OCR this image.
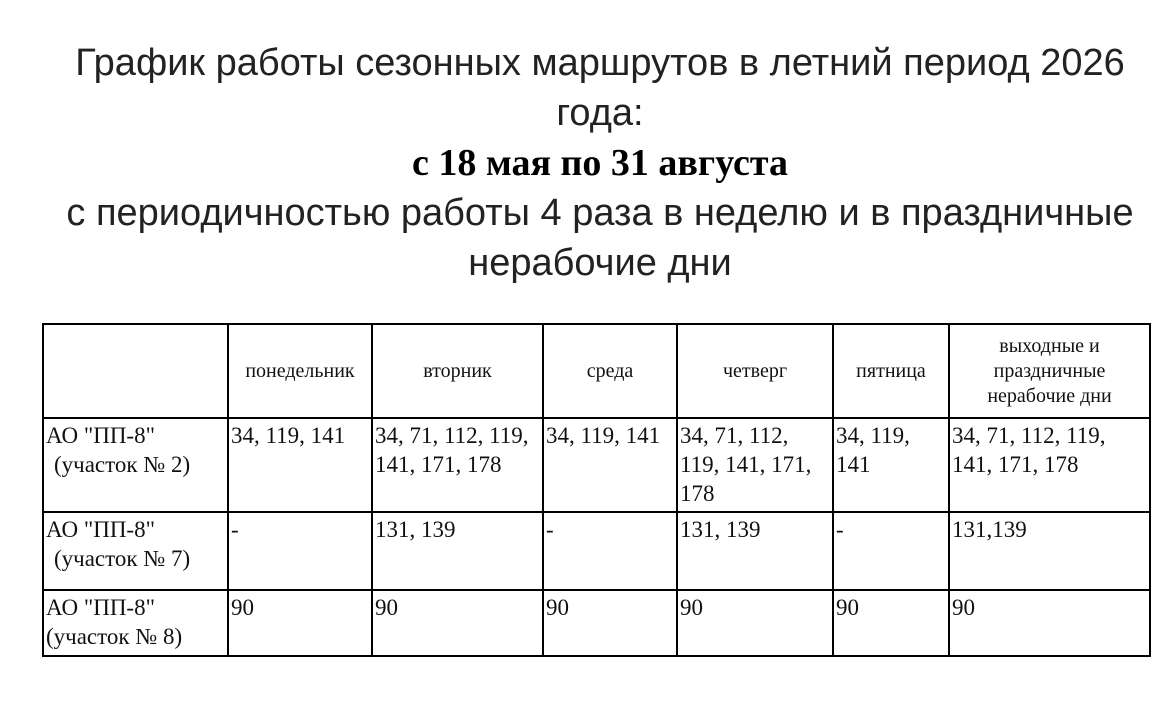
График работы сезонных маршрутов в летний период 2026
года:
с 18 мая по 31 августа
с периодичностью работы 4 раза в неделю и в праздничные
нерабочие дни
	понедельник	вторник	среда	четверг	пятница	выходные и
праздничные
нерабочие дни

АО "ПП-8"
(участок № 2)	34, 119, 141	34, 71, 112, 119, 141, 171, 178	34, 119, 141	34, 71, 112, 119, 141, 171, 178	34, 119, 141	34, 71, 112, 119, 141, 171, 178

АО "ПП-8"
(участок № 7)	-	131, 139	-	131, 139	-	131,139

АО "ПП-8"
(участок № 8)	90	90	90	90	90	90
